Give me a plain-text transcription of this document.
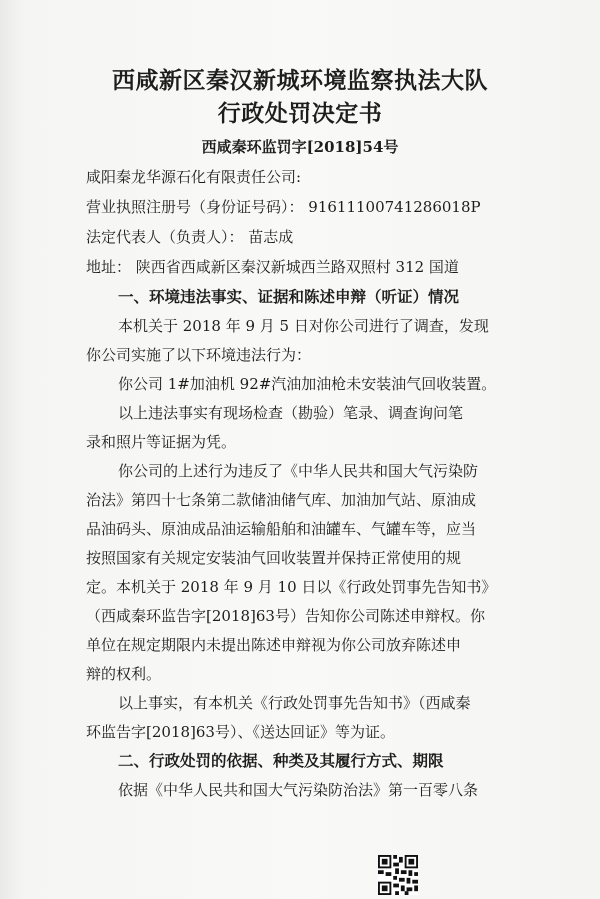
西咸新区秦汉新城环境监察执法大队
行政处罚决定书
西咸秦环监罚字[2018]54号
咸阳秦龙华源石化有限责任公司:
营业执照注册号（身份证号码）： 91611100741286018P
法定代表人（负责人）： 苗志成
地址： 陕西省西咸新区秦汉新城西兰路双照村 312 国道
一、环境违法事实、证据和陈述申辩（听证）情况
本机关于 2018 年 9 月 5 日对你公司进行了调查，发现
你公司实施了以下环境违法行为：
你公司 1#加油机 92#汽油加油枪未安装油气回收装置。
以上违法事实有现场检查（勘验）笔录、调查询问笔
录和照片等证据为凭。
你公司的上述行为违反了《中华人民共和国大气污染防
治法》第四十七条第二款储油储气库、加油加气站、原油成
品油码头、原油成品油运输船舶和油罐车、气罐车等，应当
按照国家有关规定安装油气回收装置并保持正常使用的规
定。本机关于 2018 年 9 月 10 日以《行政处罚事先告知书》
（西咸秦环监告字[2018]63号）告知你公司陈述申辩权。你
单位在规定期限内未提出陈述申辩视为你公司放弃陈述申
辩的权利。
以上事实，有本机关《行政处罚事先告知书》（西咸秦
环监告字[2018]63号）、《送达回证》等为证。
二、行政处罚的依据、种类及其履行方式、期限
依据《中华人民共和国大气污染防治法》第一百零八条
